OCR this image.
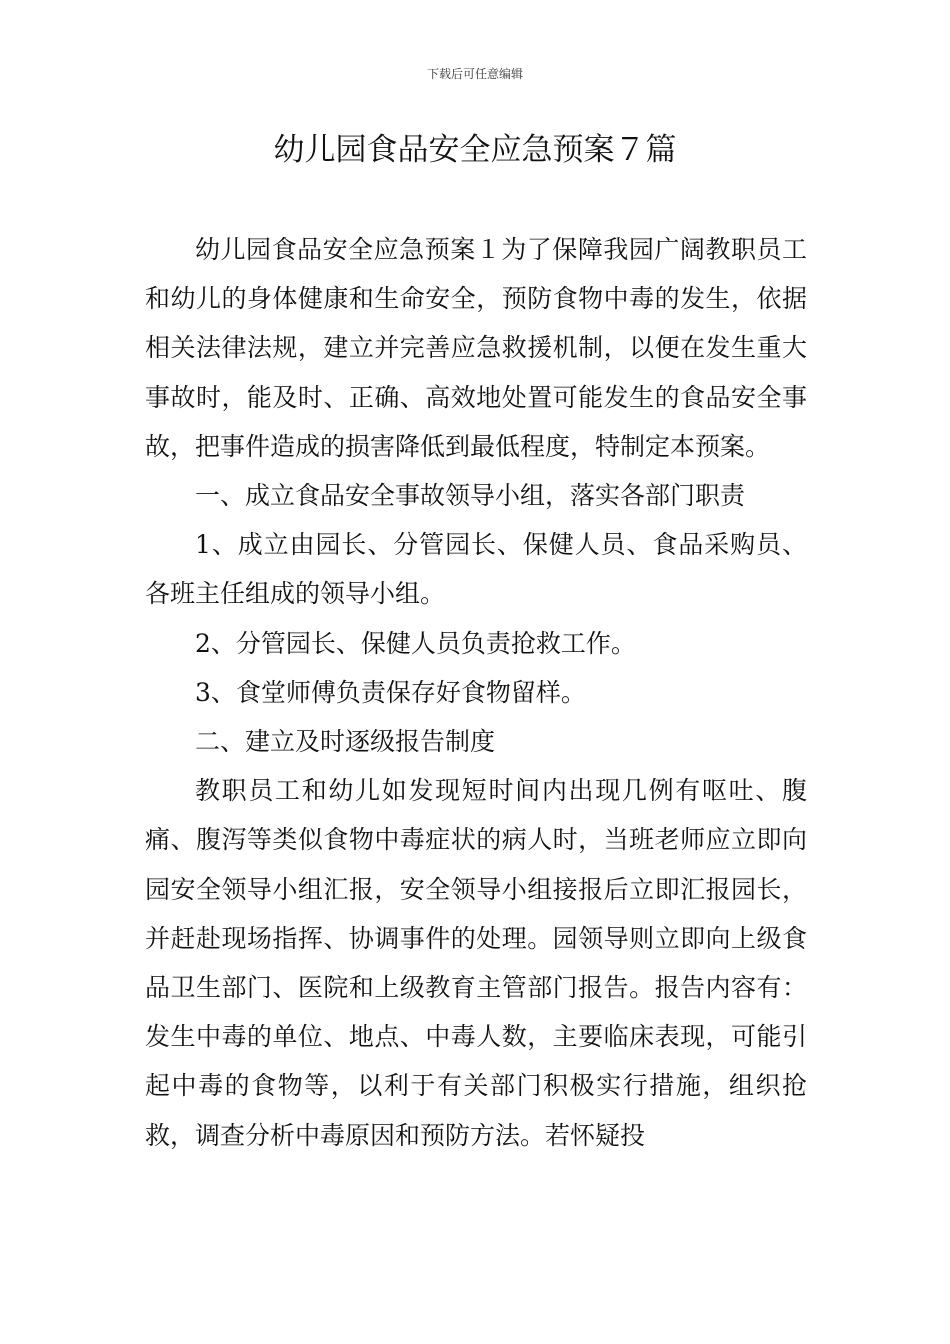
下载后可任意编辑
幼儿园食品安全应急预案７篇

幼儿园食品安全应急预案１为了保障我园广阔教职员工和幼儿的身体健康和生命安全，预防食物中毒的发生，依据相关法律法规，建立并完善应急救援机制，以便在发生重大事故时，能及时、正确、高效地处置可能发生的食品安全事故，把事件造成的损害降低到最低程度，特制定本预案。

一、成立食品安全事故领导小组，落实各部门职责

1、成立由园长、分管园长、保健人员、食品采购员、各班主任组成的领导小组。

2、分管园长、保健人员负责抢救工作。

3、食堂师傅负责保存好食物留样。

二、建立及时逐级报告制度

教职员工和幼儿如发现短时间内出现几例有呕吐、腹痛、腹泻等类似食物中毒症状的病人时，当班老师应立即向园安全领导小组汇报，安全领导小组接报后立即汇报园长，并赶赴现场指挥、协调事件的处理。园领导则立即向上级食品卫生部门、医院和上级教育主管部门报告。报告内容有：发生中毒的单位、地点、中毒人数，主要临床表现，可能引起中毒的食物等，以利于有关部门积极实行措施，组织抢救，调查分析中毒原因和预防方法。若怀疑投
